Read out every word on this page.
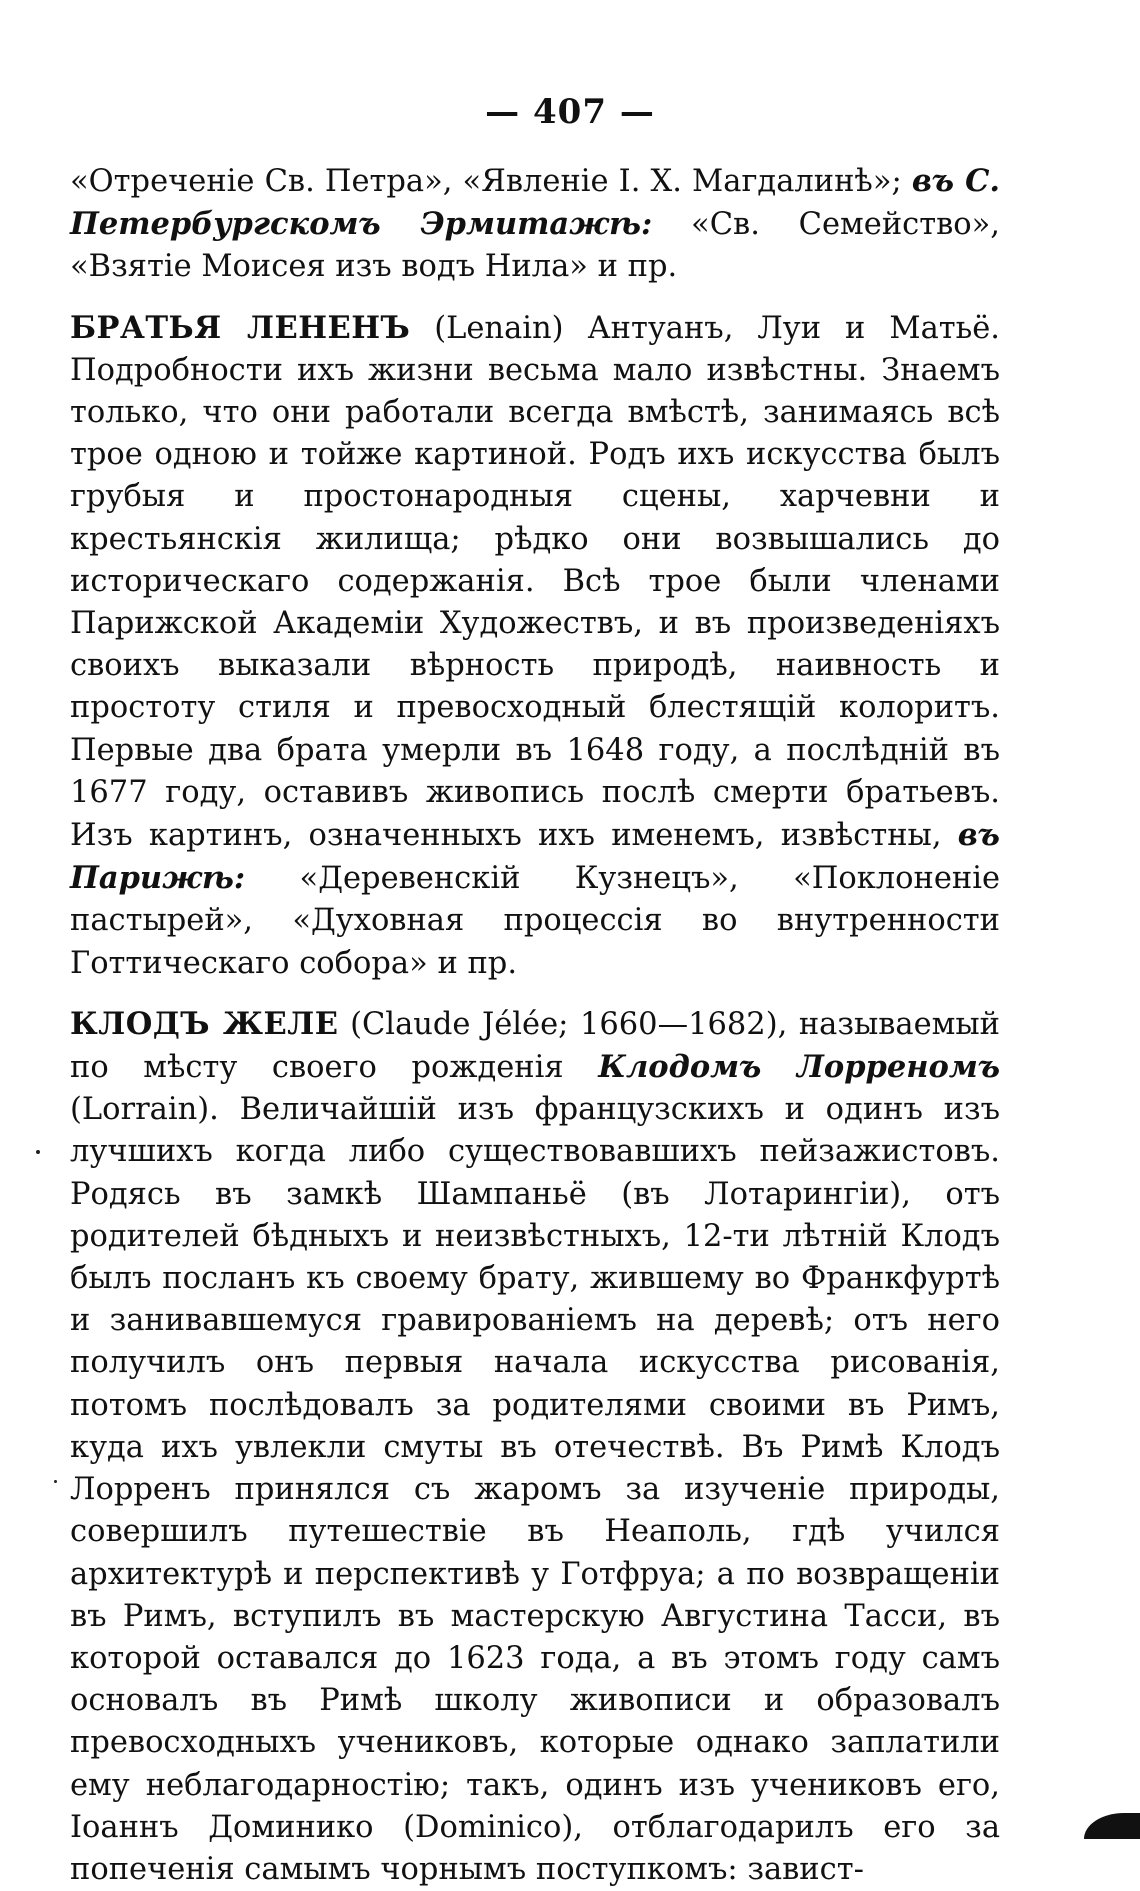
— 407 —

«Отреченіе Св. Петра», «Явленіе І. Х. Магдалинѣ»; въ С. Петербургскомъ Эрмитажѣ: «Св. Семейство», «Взятіе Моисея изъ водъ Нила» и пр.

БРАТЬЯ ЛЕНЕНЪ (Lenain) Антуанъ, Луи и Матьё. Подробности ихъ жизни весьма мало извѣстны. Знаемъ только, что они работали всегда вмѣстѣ, занимаясь всѣ трое одною и тойже картиной. Родъ ихъ искусства былъ грубыя и простонародныя сцены, харчевни и крестьянскія жилища; рѣдко они возвышались до историческаго содержанія. Всѣ трое были членами Парижской Академіи Художествъ, и въ произведеніяхъ своихъ выказали вѣрность природѣ, наивность и простоту стиля и превосходный блестящій колоритъ. Первые два брата умерли въ 1648 году, а послѣдній въ 1677 году, оставивъ живопись послѣ смерти братьевъ. Изъ картинъ, означенныхъ ихъ именемъ, извѣстны, въ Парижѣ: «Деревенскій Кузнецъ», «Поклоненіе пастырей», «Духовная процессія во внутренности Готтическаго собора» и пр.

КЛОДЪ ЖЕЛЕ (Claude Jélée; 1660—1682), называемый по мѣсту своего рожденія Клодомъ Лорреномъ (Lorrain). Величайшій изъ французскихъ и одинъ изъ лучшихъ когда либо существовавшихъ пейзажистовъ. Родясь въ замкѣ Шампаньё (въ Лотарингіи), отъ родителей бѣдныхъ и неизвѣстныхъ, 12-ти лѣтній Клодъ былъ посланъ къ своему брату, жившему во Франкфуртѣ и занивавшемуся гравированіемъ на деревѣ; отъ него получилъ онъ первыя начала искусства рисованія, потомъ послѣдовалъ за родителями своими въ Римъ, куда ихъ увлекли смуты въ отечествѣ. Въ Римѣ Клодъ Лорренъ принялся съ жаромъ за изученіе природы, совершилъ путешествіе въ Неаполь, гдѣ учился архитектурѣ и перспективѣ у Готфруа; а по возвращеніи въ Римъ, вступилъ въ мастерскую Августина Тасси, въ которой оставался до 1623 года, а въ этомъ году самъ основалъ въ Римѣ школу живописи и образовалъ превосходныхъ учениковъ, которые однако заплатили ему неблагодарностію; такъ, одинъ изъ учениковъ его, Іоаннъ Доминико (Dominico), отблагодарилъ его за попеченія самымъ чорнымъ поступкомъ: завист-
